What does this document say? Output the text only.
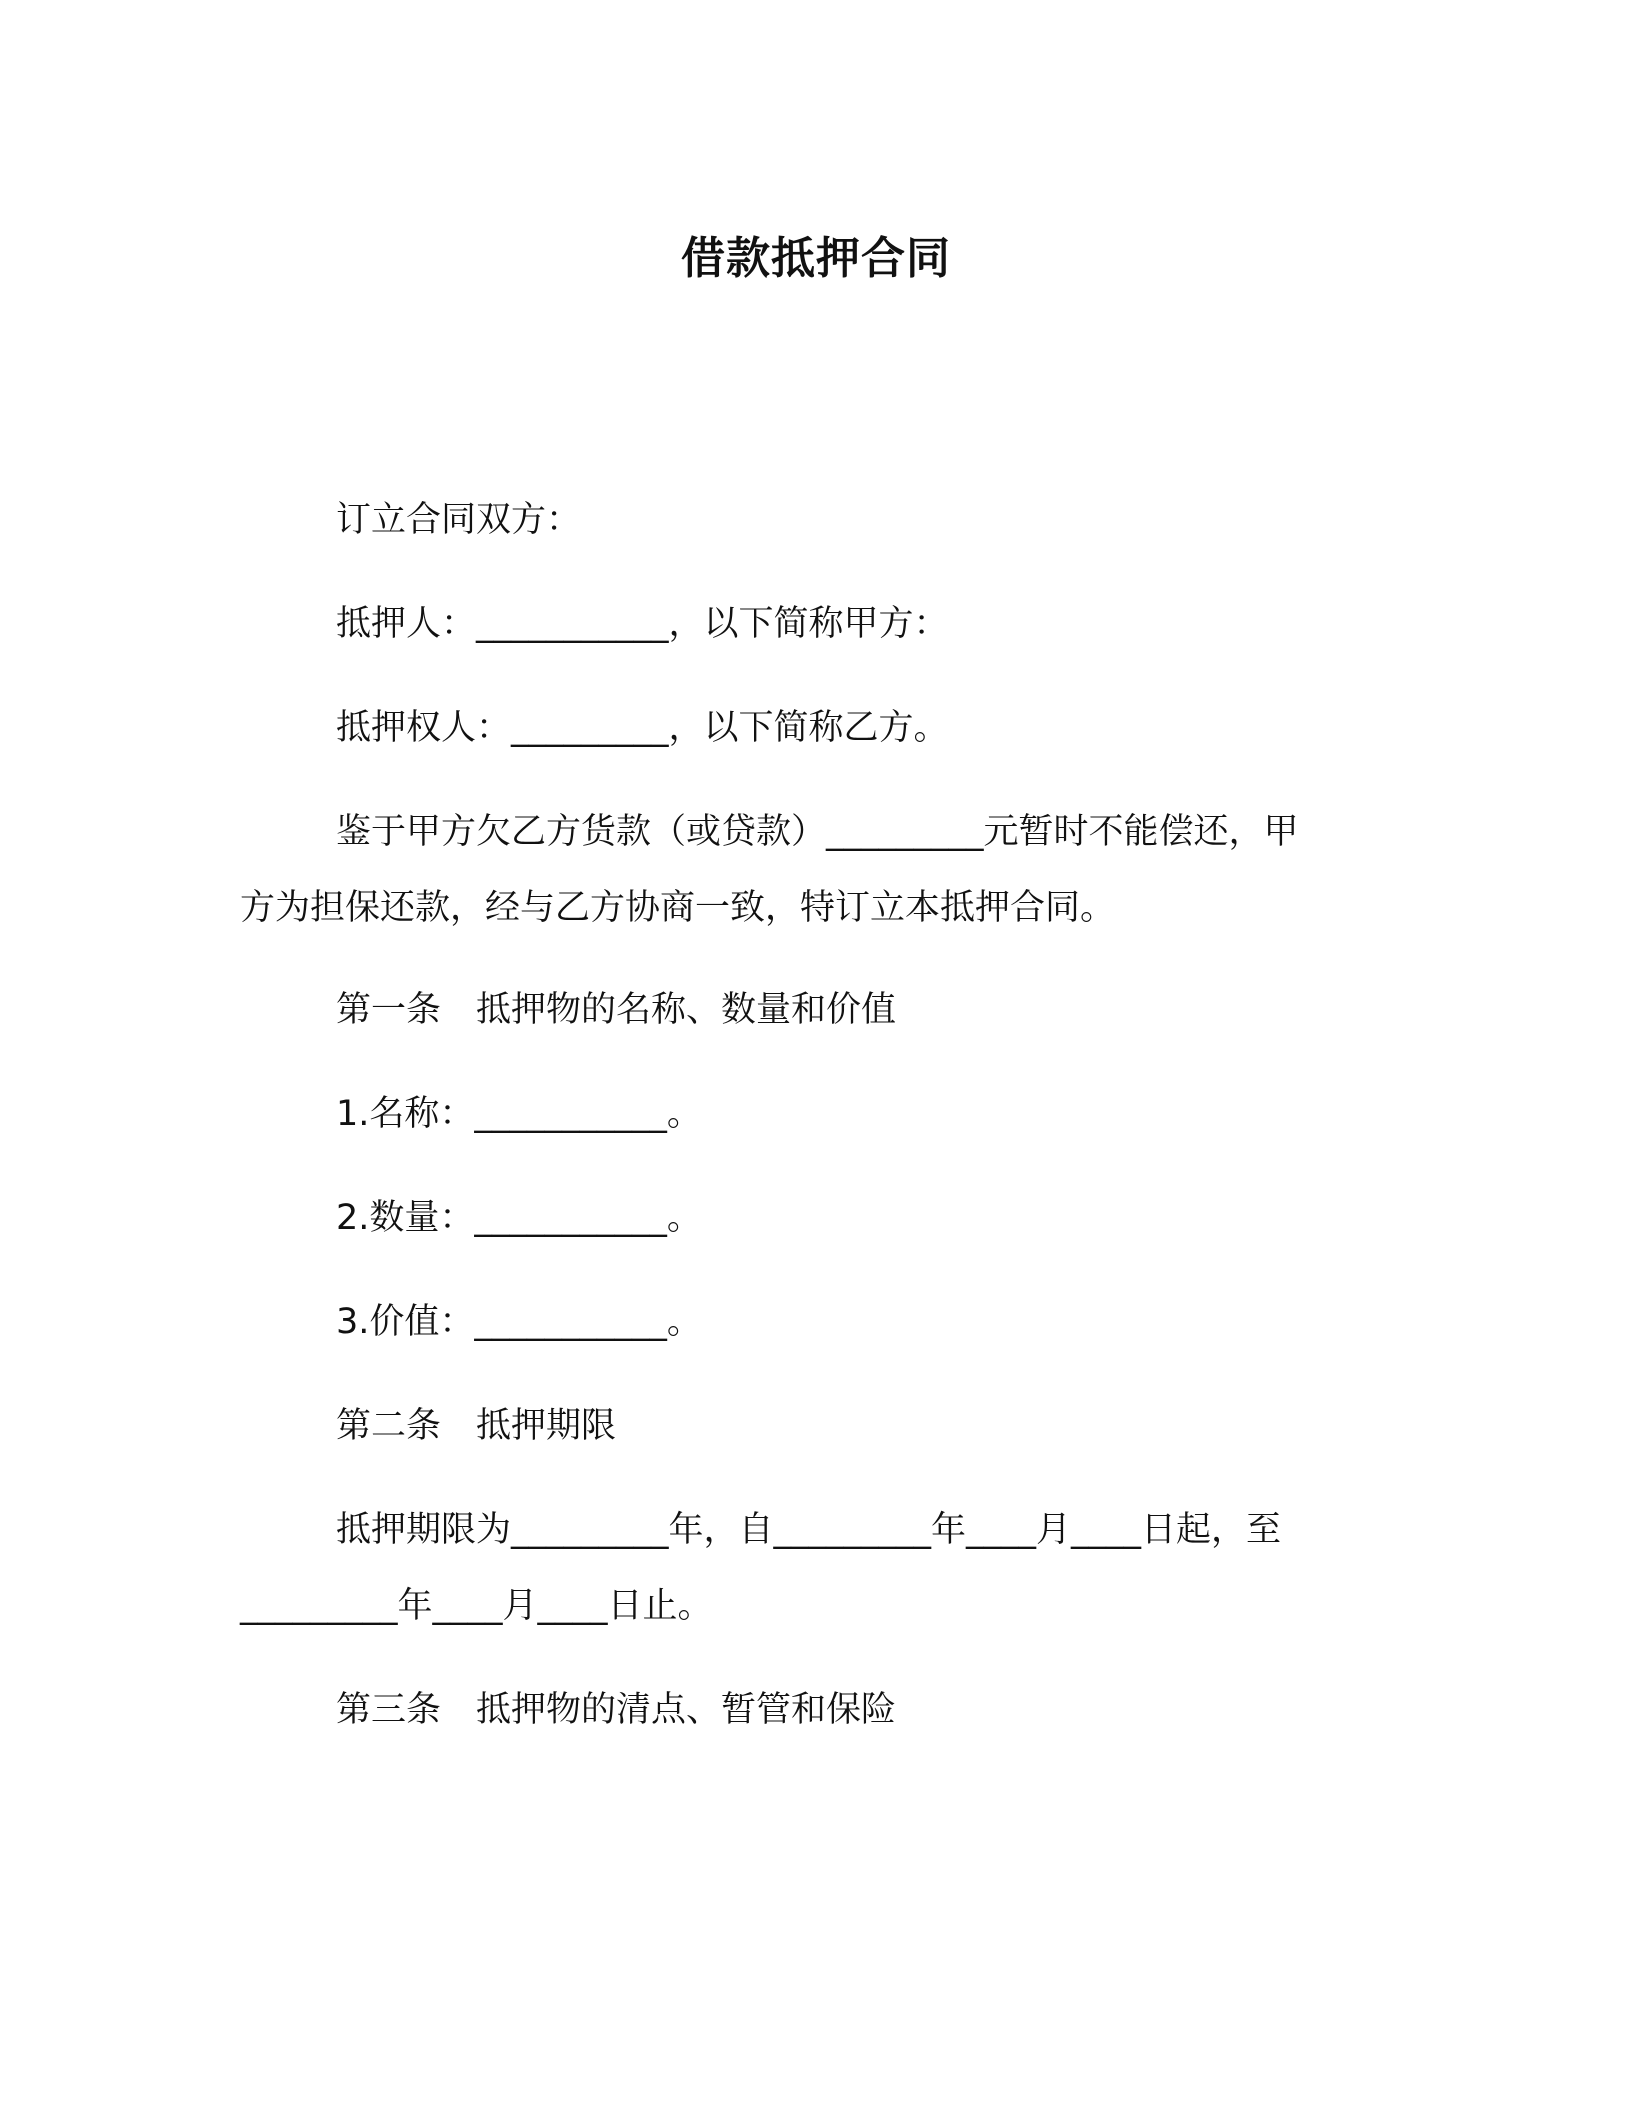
借款抵押合同
订立合同双方：
抵押人：___________，以下简称甲方：
抵押权人：_________，以下简称乙方。
鉴于甲方欠乙方货款（或贷款）_________元暂时不能偿还，甲
方为担保还款，经与乙方协商一致，特订立本抵押合同。
第一条　抵押物的名称、数量和价值
1.名称：___________。
2.数量：___________。
3.价值：___________。
第二条　抵押期限
抵押期限为_________年，自_________年____月____日起，至
_________年____月____日止。
第三条　抵押物的清点、暂管和保险
